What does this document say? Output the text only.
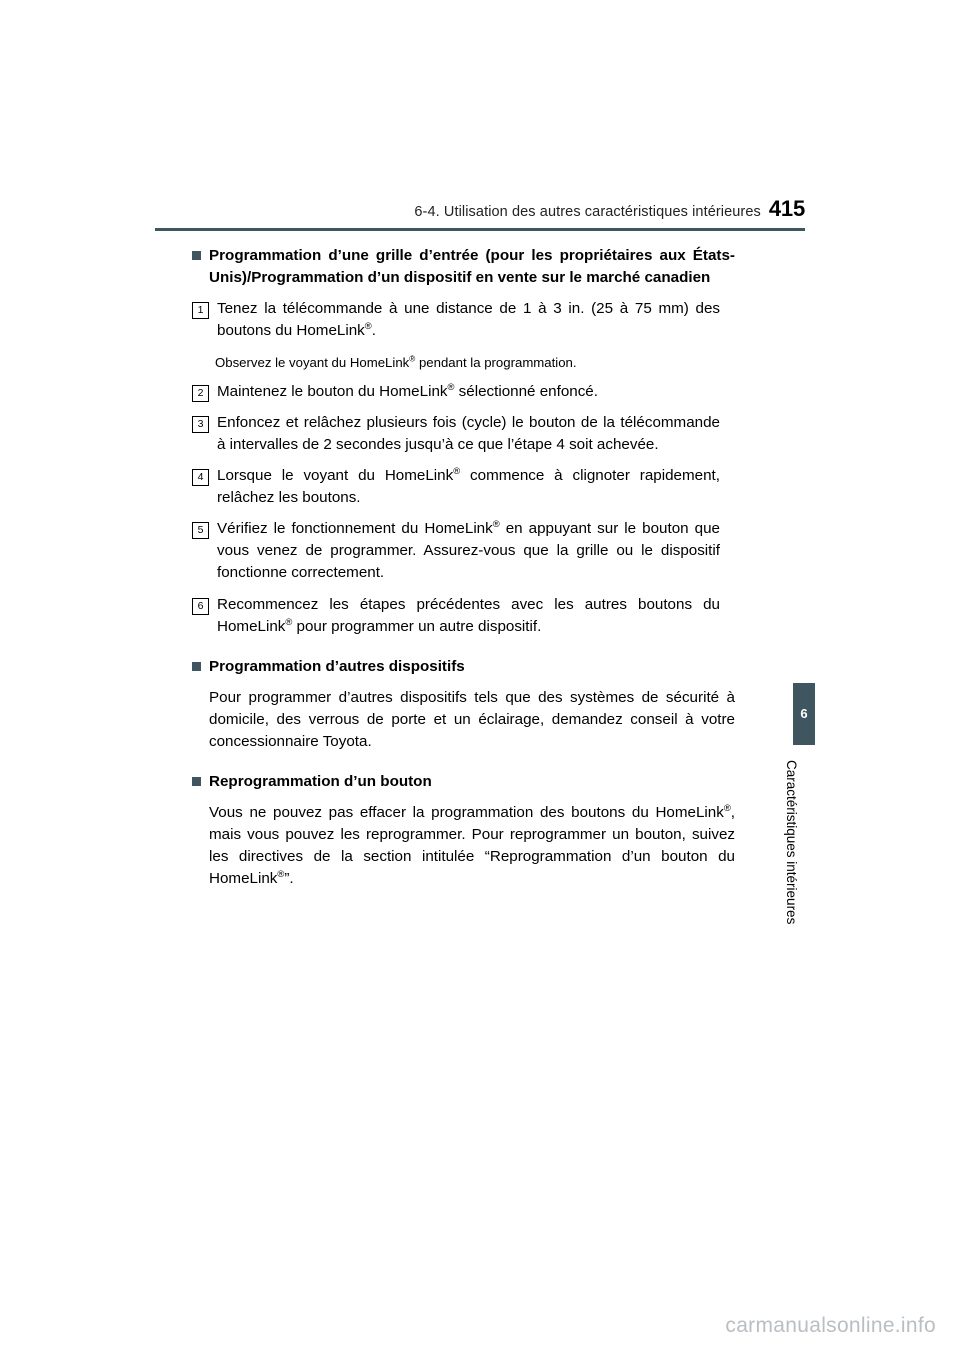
6-4. Utilisation des autres caractéristiques intérieures 415
Programmation d’une grille d’entrée (pour les propriétaires aux États-Unis)/Programmation d’un dispositif en vente sur le marché canadien
1 Tenez la télécommande à une distance de 1 à 3 in. (25 à 75 mm) des boutons du HomeLink®.
Observez le voyant du HomeLink® pendant la programmation.
2 Maintenez le bouton du HomeLink® sélectionné enfoncé.
3 Enfoncez et relâchez plusieurs fois (cycle) le bouton de la télécommande à intervalles de 2 secondes jusqu’à ce que l’étape 4 soit achevée.
4 Lorsque le voyant du HomeLink® commence à clignoter rapidement, relâchez les boutons.
5 Vérifiez le fonctionnement du HomeLink® en appuyant sur le bouton que vous venez de programmer. Assurez-vous que la grille ou le dispositif fonctionne correctement.
6 Recommencez les étapes précédentes avec les autres boutons du HomeLink® pour programmer un autre dispositif.
Programmation d’autres dispositifs
Pour programmer d’autres dispositifs tels que des systèmes de sécurité à domicile, des verrous de porte et un éclairage, demandez conseil à votre concessionnaire Toyota.
Reprogrammation d’un bouton
Vous ne pouvez pas effacer la programmation des boutons du HomeLink®, mais vous pouvez les reprogrammer. Pour reprogrammer un bouton, suivez les directives de la section intitulée “Reprogrammation d’un bouton du HomeLink®”.
6
Caractéristiques intérieures
carmanualsonline.info
